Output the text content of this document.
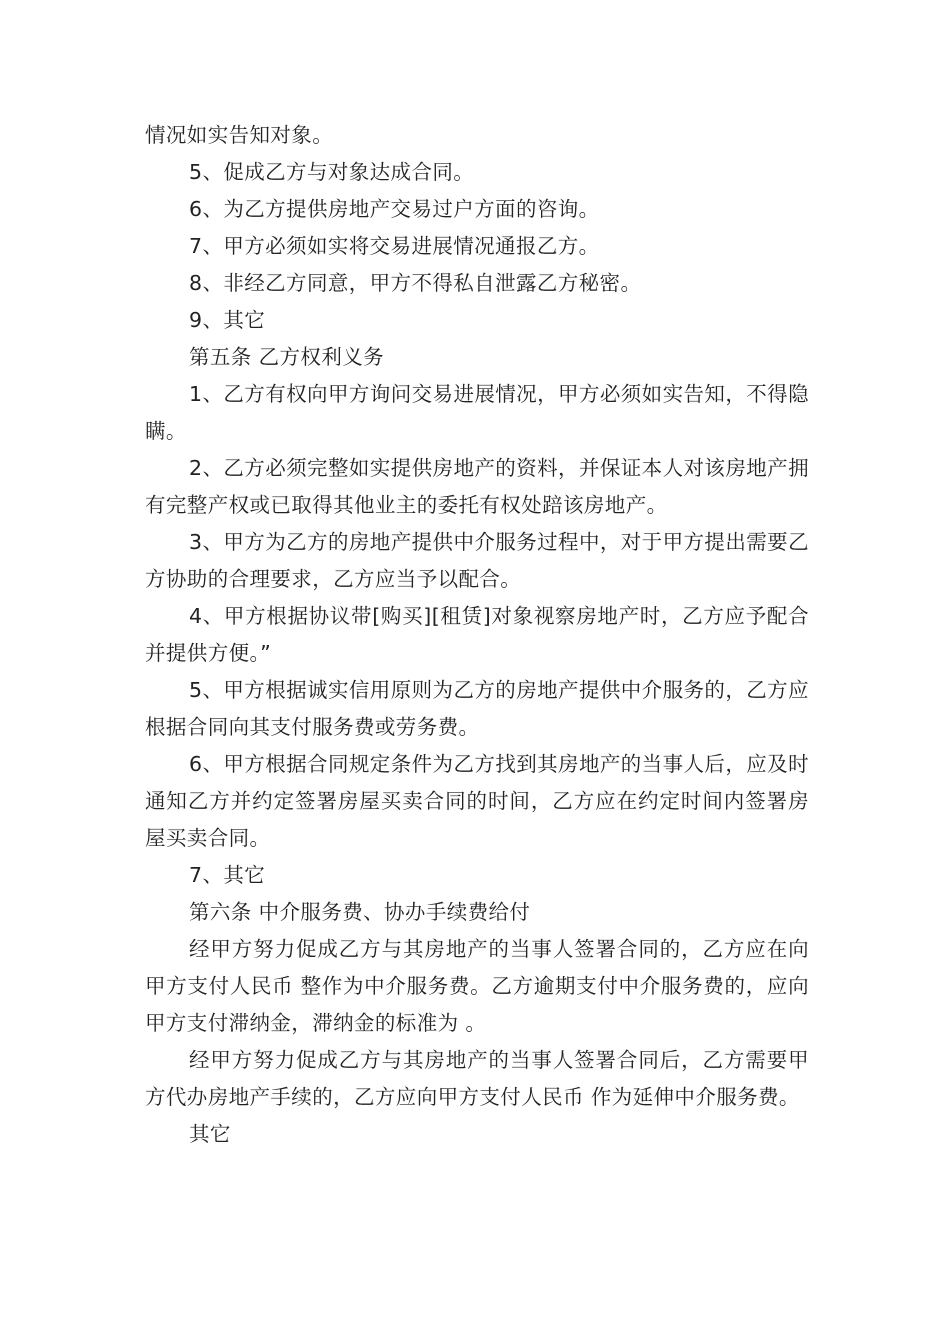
情况如实告知对象。

5、促成乙方与对象达成合同。

6、为乙方提供房地产交易过户方面的咨询。

7、甲方必须如实将交易进展情况通报乙方。

8、非经乙方同意，甲方不得私自泄露乙方秘密。

9、其它

第五条 乙方权利义务

1、乙方有权向甲方询问交易进展情况，甲方必须如实告知，不得隐瞒。

2、乙方必须完整如实提供房地产的资料，并保证本人对该房地产拥有完整产权或已取得其他业主的委托有权处踣该房地产。

3、甲方为乙方的房地产提供中介服务过程中，对于甲方提出需要乙方协助的合理要求，乙方应当予以配合。

4、甲方根据协议带[购买][租赁]对象视察房地产时，乙方应予配合并提供方便。”

5、甲方根据诚实信用原则为乙方的房地产提供中介服务的，乙方应根据合同向其支付服务费或劳务费。

6、甲方根据合同规定条件为乙方找到其房地产的当事人后，应及时通知乙方并约定签署房屋买卖合同的时间，乙方应在约定时间内签署房屋买卖合同。

7、其它

第六条 中介服务费、协办手续费给付

经甲方努力促成乙方与其房地产的当事人签署合同的，乙方应在向甲方支付人民币 整作为中介服务费。乙方逾期支付中介服务费的，应向甲方支付滞纳金，滞纳金的标准为 。

经甲方努力促成乙方与其房地产的当事人签署合同后，乙方需要甲方代办房地产手续的，乙方应向甲方支付人民币 作为延伸中介服务费。

其它
